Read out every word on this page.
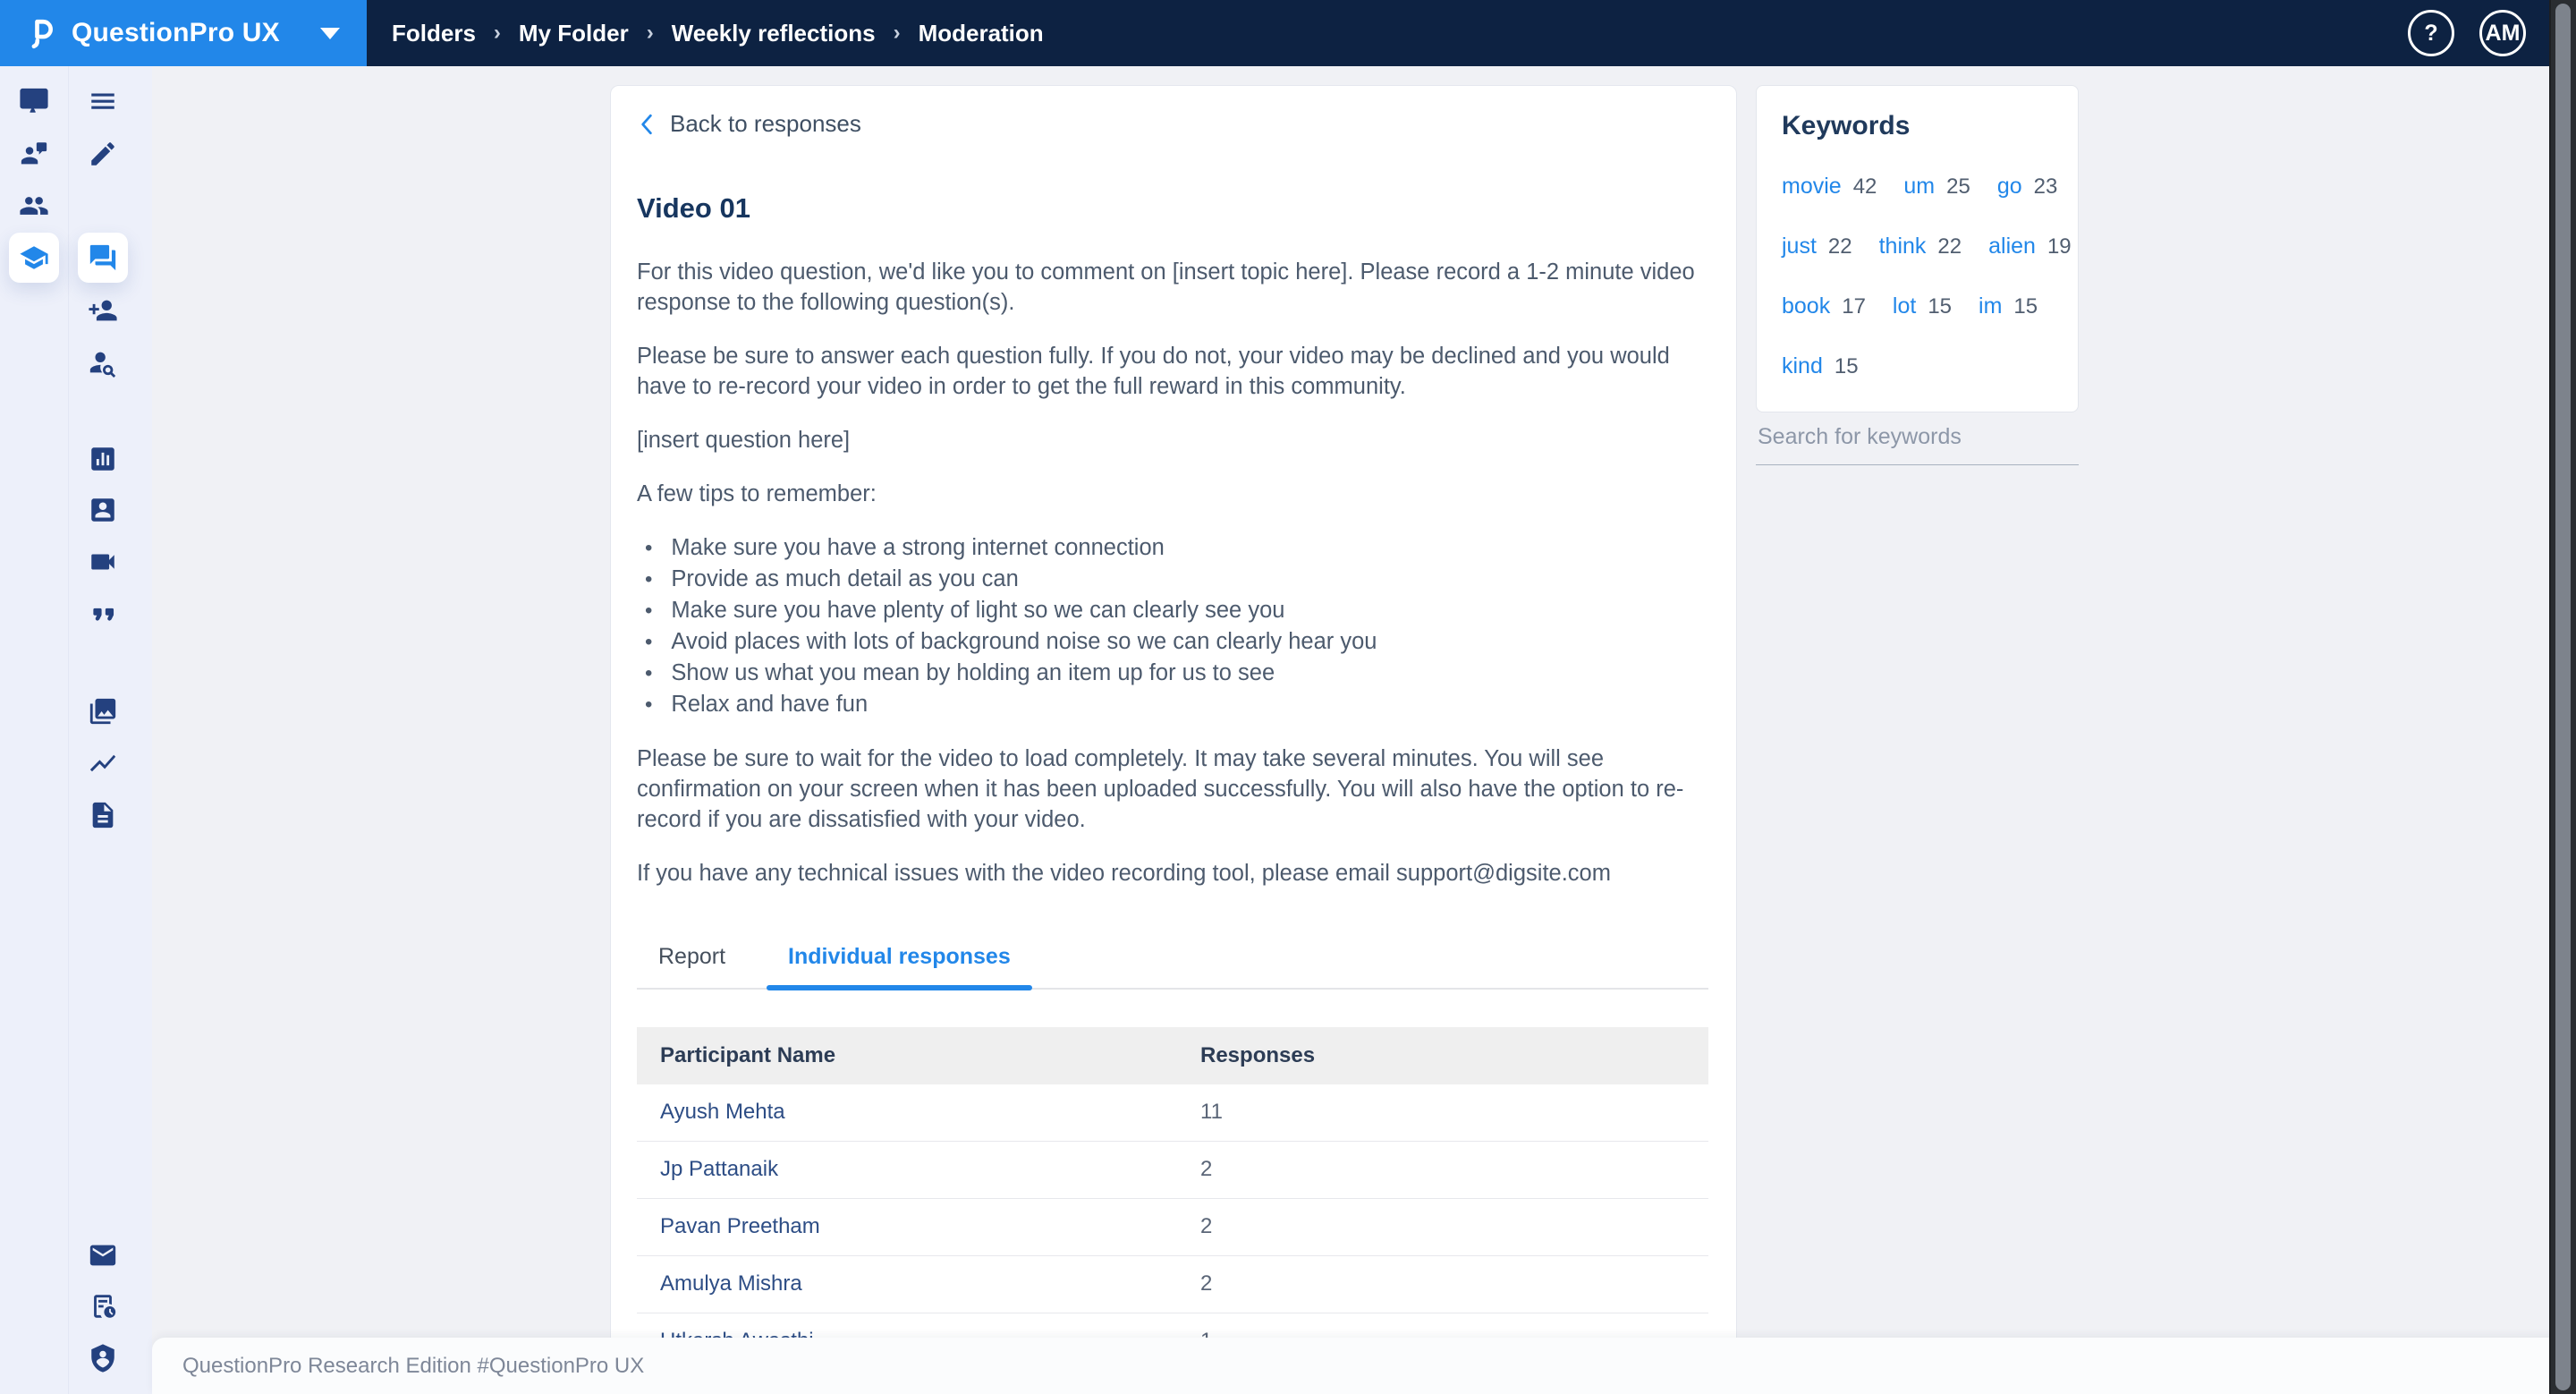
QuestionPro UX	Folders › My Folder › Weekly reflections › Moderation	? AM
Back to responses
Video 01

For this video question, we'd like you to comment on [insert topic here]. Please record a 1-2 minute video response to the following question(s).

Please be sure to answer each question fully. If you do not, your video may be declined and you would have to re-record your video in order to get the full reward in this community.

[insert question here]

A few tips to remember:

• Make sure you have a strong internet connection
• Provide as much detail as you can
• Make sure you have plenty of light so we can clearly see you
• Avoid places with lots of background noise so we can clearly hear you
• Show us what you mean by holding an item up for us to see
• Relax and have fun

Please be sure to wait for the video to load completely. It may take several minutes. You will see confirmation on your screen when it has been uploaded successfully. You will also have the option to re-record if you are dissatisfied with your video.

If you have any technical issues with the video recording tool, please email support@digsite.com

Report	Individual responses
Participant Name	Responses
Ayush Mehta	11
Jp Pattanaik	2
Pavan Preetham	2
Amulya Mishra	2
Keywords
movie 42 um 25 go 23
just 22 think 22 alien 19
book 17 lot 15 im 15
kind 15
Search for keywords
QuestionPro Research Edition #QuestionPro UX
